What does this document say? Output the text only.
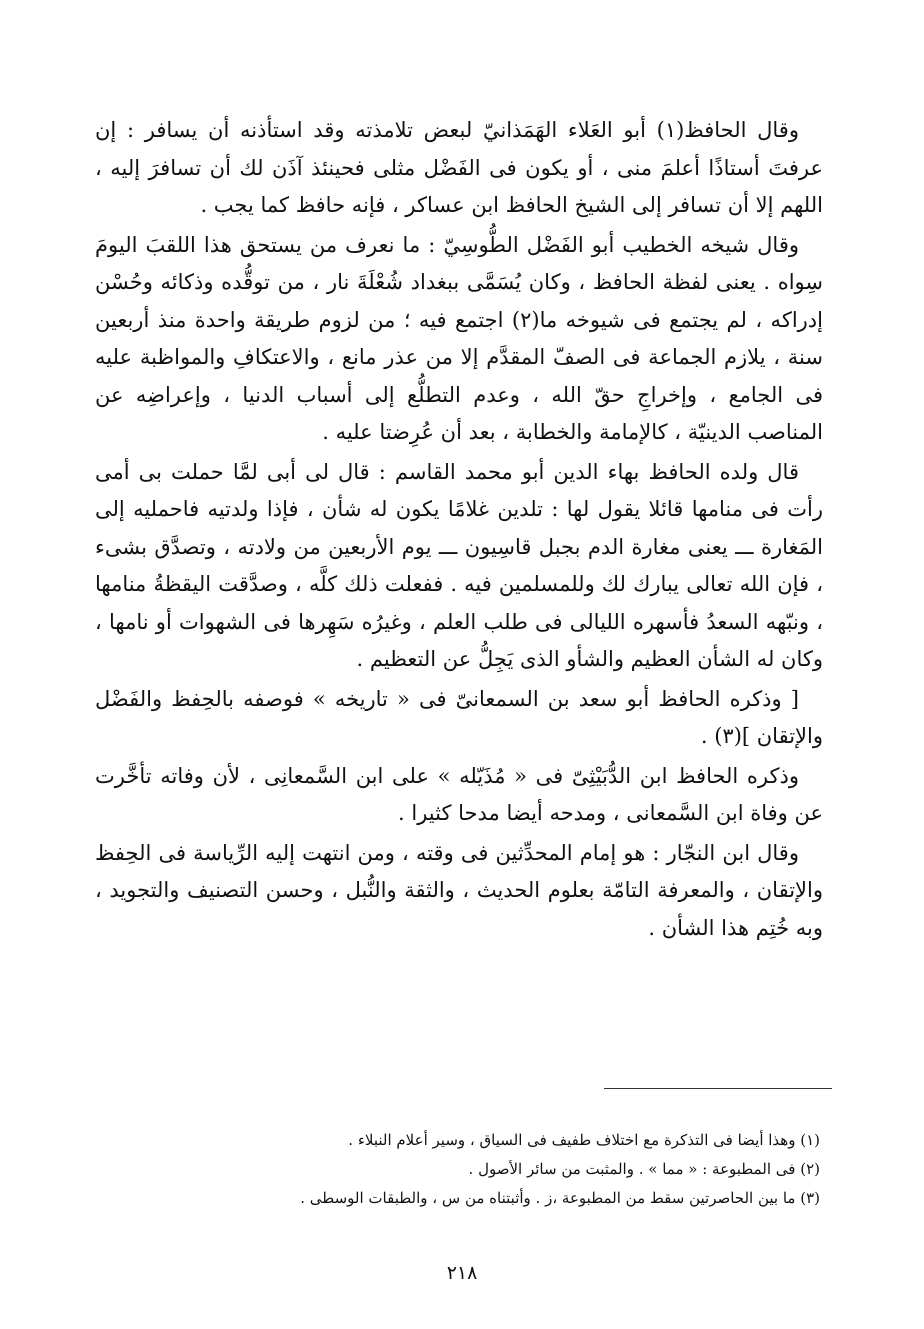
وقال الحافظ(١) أبو العَلاء الهَمَذانيّ لبعض تلامذته وقد استأذنه أن يسافر : إن عرفتَ أستاذًا أعلمَ منى ، أو يكون فى الفَضْل مثلى فحينئذ آذَن لك أن تسافرَ إليه ، اللهم إلا أن تسافر إلى الشيخ الحافظ ابن عساكر ، فإنه حافظ كما يجب .

وقال شيخه الخطيب أبو الفَضْل الطُّوسِيّ : ما نعرف من يستحق هذا اللقبَ اليومَ سِواه . يعنى لفظة الحافظ ، وكان يُسَمَّى ببغداد شُعْلَةَ نار ، من توقُّده وذكائه وحُسْن إدراكه ، لم يجتمع فى شيوخه ما(٢) اجتمع فيه ؛ من لزوم طريقة واحدة منذ أربعين سنة ، يلازم الجماعة فى الصفّ المقدَّم إلا من عذر مانع ، والاعتكافِ والمواظبة عليه فى الجامع ، وإخراجِ حقّ الله ، وعدم التطلُّع إلى أسباب الدنيا ، وإعراضِه عن المناصب الدينيّة ، كالإمامة والخطابة ، بعد أن عُرِضتا عليه .

قال ولده الحافظ بهاء الدين أبو محمد القاسم : قال لى أبى لمَّا حملت بى أمى رأت فى منامها قائلا يقول لها : تلدين غلامًا يكون له شأن ، فإذا ولدتيه فاحمليه إلى المَغارة ـــ يعنى مغارة الدم بجبل قاسِيون ـــ يوم الأربعين من ولادته ، وتصدَّق بشىء ، فإن الله تعالى يبارك لك وللمسلمين فيه . ففعلت ذلك كلَّه ، وصدَّقت اليقظةُ منامها ، ونبّهه السعدُ فأسهره الليالى فى طلب العلم ، وغيرُه سَهِرها فى الشهوات أو نامها ، وكان له الشأن العظيم والشأو الذى يَجِلُّ عن التعظيم .

[ وذكره الحافظ أبو سعد بن السمعانىّ فى « تاريخه » فوصفه بالحِفظ والفَضْل والإتقان ](٣) .

وذكره الحافظ ابن الدُّبَيْثِىّ فى « مُذَيّله » على ابن السَّمعانِى ، لأن وفاته تأخَّرت عن وفاة ابن السَّمعانى ، ومدحه أيضا مدحا كثيرا .

وقال ابن النجّار : هو إمام المحدِّثين فى وقته ، ومن انتهت إليه الرِّياسة فى الحِفظ والإتقان ، والمعرفة التامّة بعلوم الحديث ، والثقة والنُّبل ، وحسن التصنيف والتجويد ، وبه خُتِم هذا الشأن .

(١) وهذا أيضا فى التذكرة مع اختلاف طفيف فى السياق ، وسير أعلام النبلاء .
(٢) فى المطبوعة : « مما » . والمثبت من سائر الأصول .
(٣) ما بين الحاصرتين سقط من المطبوعة ،ز . وأثبتناه من س ، والطبقات الوسطى .
٢١٨
